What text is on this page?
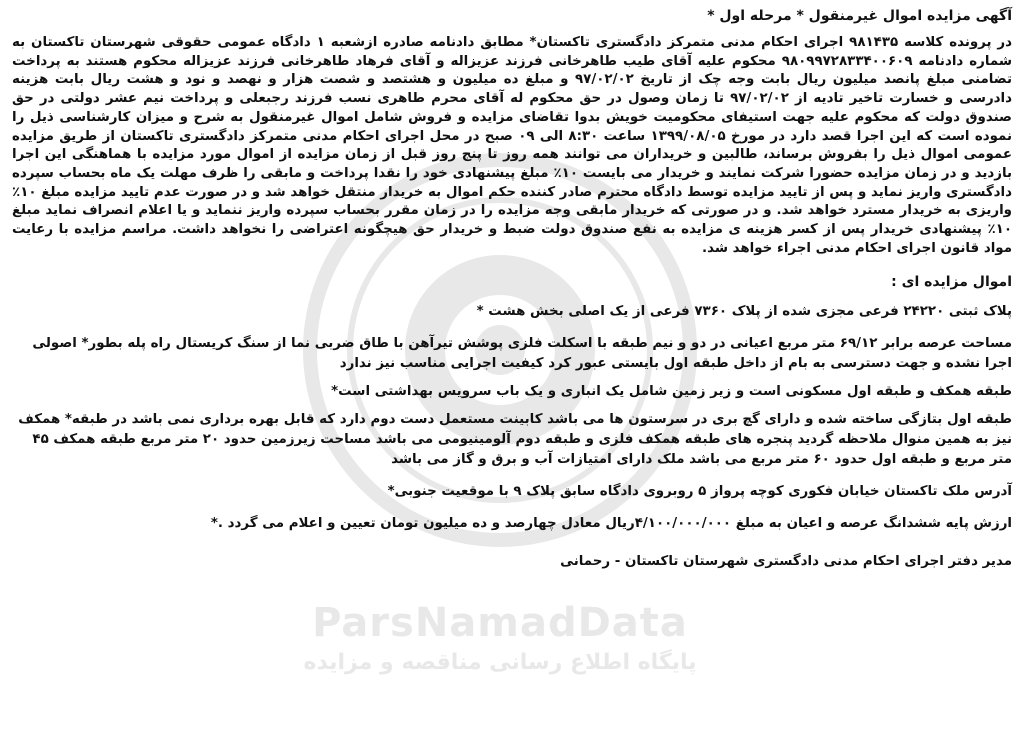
ParsNamadData
پایگاه اطلاع رسانی مناقصه و مزایده
آگهی مزایده اموال غیرمنقول * مرحله اول *

در پرونده کلاسه ۹۸۱۴۳۵ اجرای احکام مدنی متمرکز دادگستری تاکستان* مطابق دادنامه صادره ازشعبه ۱ دادگاه عمومی حقوقی شهرستان تاکستان به شماره دادنامه ۹۸۰۹۹۷۲۸۳۳۴۰۰۶۰۹ محکوم علیه آقای طیب طاهرخانی فرزند عزیزاله و آقای فرهاد طاهرخانی فرزند عزیزاله محکوم هستند به پرداخت تضامنی مبلغ پانصد میلیون ریال بابت وجه چک از تاریخ ۹۷/۰۲/۰۲ و مبلغ ده میلیون و هشتصد و شصت هزار و نهصد و نود و هشت ریال بابت هزینه دادرسی و خسارت تاخیر تادیه از ۹۷/۰۲/۰۲ تا زمان وصول در حق محکوم له آقای محرم طاهری نسب فرزند رجبعلی و پرداخت نیم عشر دولتی در حق صندوق دولت که محکوم علیه جهت استیفای محکومیت خویش بدوا تقاضای مزایده و فروش شامل اموال غیرمنقول به شرح و میزان کارشناسی ذیل را نموده است که این اجرا قصد دارد در مورخ ۱۳۹۹/۰۸/۰۵ ساعت ۸:۳۰ الی ۰۹ صبح در محل اجرای احکام مدنی متمرکز دادگستری تاکستان از طریق مزایده عمومی اموال ذیل را بفروش برساند، طالبین و خریداران می توانند همه روز تا پنج روز قبل از زمان مزایده از اموال مورد مزایده با هماهنگی این اجرا بازدید و در زمان مزایده حضورا شرکت نمایند و خریدار می بایست ۱۰٪ مبلغ پیشنهادی خود را نقدا پرداخت و مابقی را ظرف مهلت یک ماه بحساب سپرده دادگستری واریز نماید و پس از تایید مزایده توسط دادگاه محترم صادر کننده حکم اموال به خریدار منتقل خواهد شد و در صورت عدم تایید مزایده مبلغ ۱۰٪ واریزی به خریدار مسترد خواهد شد. و در صورتی که خریدار مابقی وجه مزایده را در زمان مقرر بحساب سپرده واریز ننماید و یا اعلام انصراف نماید مبلغ ۱۰٪ پیشنهادی خریدار پس از کسر هزینه ی مزایده به نفع صندوق دولت ضبط و خریدار حق هیچگونه اعتراضی را نخواهد داشت. مراسم مزایده با رعایت مواد قانون اجرای احکام مدنی اجراء خواهد شد.

اموال مزایده ای :
پلاک ثبتی ۲۴۲۲۰ فرعی مجزی شده از پلاک ۷۳۶۰ فرعی از یک اصلی بخش هشت *
مساحت عرصه برابر ۶۹/۱۲ متر مربع اعیانی در دو و نیم طبقه با اسکلت فلزی پوشش تیرآهن با طاق ضربی نما از سنگ کریستال راه پله بطور* اصولی اجرا نشده و جهت دسترسی به بام از داخل طبقه اول بایستی عبور کرد کیفیت اجرایی مناسب نیز ندارد
طبقه همکف و طبقه اول مسکونی است و زیر زمین شامل یک انباری و یک باب سرویس بهداشتی است*
طبقه اول بتازگی ساخته شده و دارای گچ بری در سرستون ها می باشد کابینت مستعمل دست دوم دارد که قابل بهره برداری نمی باشد در طبقه* همکف نیز به همین منوال ملاحظه گردید پنجره های طبقه همکف فلزی و طبقه دوم آلومینیومی می باشد مساحت زیرزمین حدود ۲۰ متر مربع طبقه همکف ۴۵ متر مربع و طبقه اول حدود ۶۰ متر مربع می باشد ملک دارای امتیازات آب و برق و گاز می باشد
آدرس ملک تاکستان خیابان فکوری کوچه پرواز ۵ روبروی دادگاه سابق پلاک ۹ با موقعیت جنوبی*
ارزش پایه ششدانگ عرصه و اعیان به مبلغ ۴/۱۰۰/۰۰۰/۰۰۰ریال معادل چهارصد و ده میلیون تومان تعیین و اعلام می گردد .*
مدیر دفتر اجرای احکام مدنی دادگستری شهرستان تاکستان - رحمانی
